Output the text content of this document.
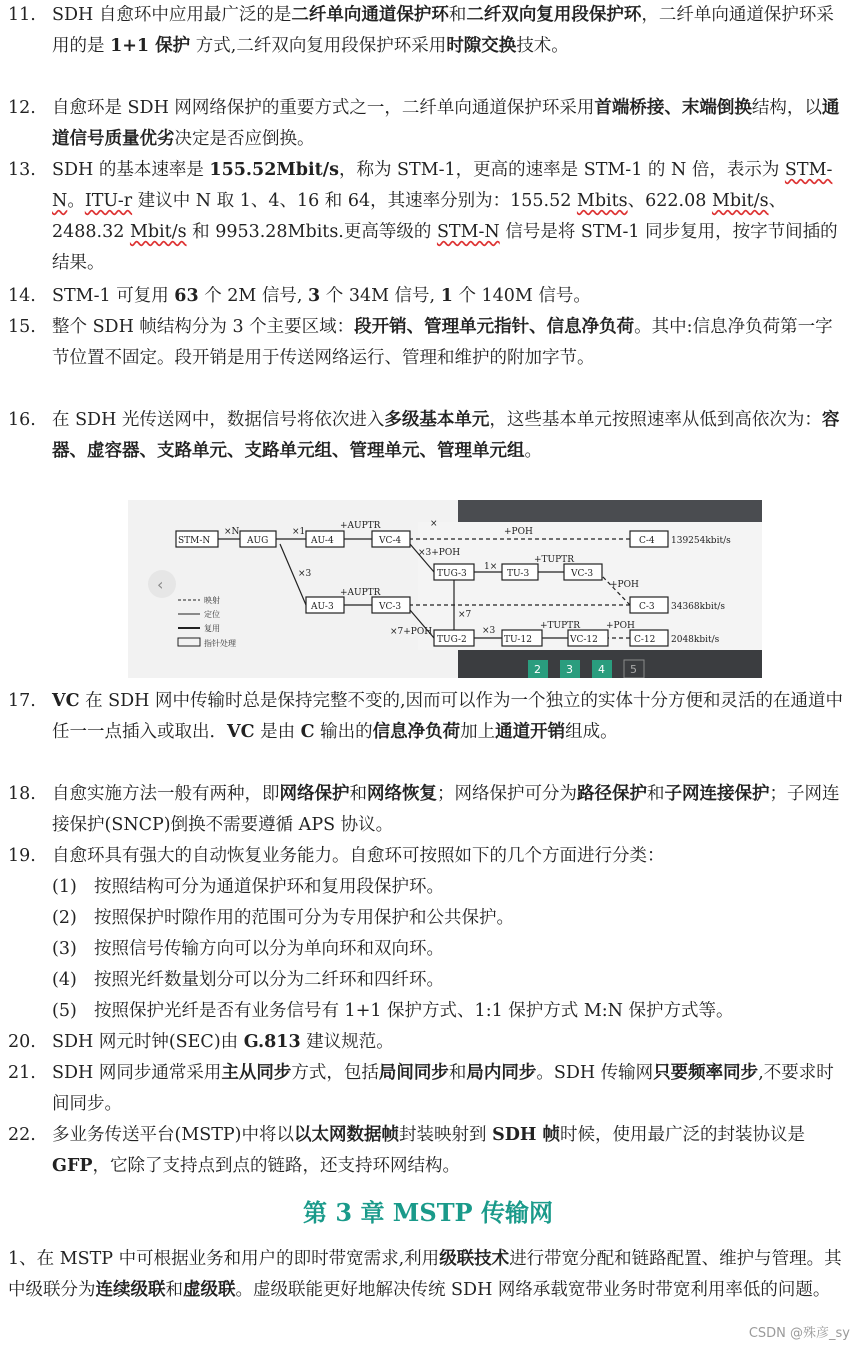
11. SDH 自愈环中应用最广泛的是二纤单向通道保护环和二纤双向复用段保护环，二纤单向通道保护环采用的是 1+1 保护 方式,二纤双向复用段保护环采用时隙交换技术。
12. 自愈环是 SDH 网网络保护的重要方式之一，二纤单向通道保护环采用首端桥接、末端倒换结构，以通道信号质量优劣决定是否应倒换。
13. SDH 的基本速率是 155.52Mbit/s，称为 STM-1，更高的速率是 STM-1 的 N 倍，表示为 STM-N。ITU-r 建议中 N 取 1、4、16 和 64，其速率分别为：155.52 Mbits、622.08 Mbit/s、2488.32 Mbit/s 和 9953.28Mbits.更高等级的 STM-N 信号是将 STM-1 同步复用，按字节间插的结果。
14. STM-1 可复用 63 个 2M 信号, 3 个 34M 信号, 1 个 140M 信号。
15. 整个 SDH 帧结构分为 3 个主要区域：段开销、管理单元指针、信息净负荷。其中:信息净负荷第一字节位置不固定。段开销是用于传送网络运行、管理和维护的附加字节。
16. 在 SDH 光传送网中，数据信号将依次进入多级基本单元，这些基本单元按照速率从低到高依次为：容器、虚容器、支路单元、支路单元组、管理单元、管理单元组。
17. VC 在 SDH 网中传输时总是保持完整不变的,因而可以作为一个独立的实体十分方便和灵活的在通道中任一一点插入或取出．VC 是由 C 输出的信息净负荷加上通道开销组成。
18. 自愈实施方法一般有两种，即网络保护和网络恢复；网络保护可分为路径保护和子网连接保护；子网连接保护(SNCP)倒换不需要遵循 APS 协议。
19. 自愈环具有强大的自动恢复业务能力。自愈环可按照如下的几个方面进行分类：
20. SDH 网元时钟(SEC)由 G.813 建议规范。
21. SDH 网同步通常采用主从同步方式，包括局间同步和局内同步。SDH 传输网只要频率同步,不要求时间同步。
22. 多业务传送平台(MSTP)中将以以太网数据帧封装映射到 SDH 帧时候，使用最广泛的封装协议是 GFP，它除了支持点到点的链路，还支持环网结构。
×
‹
STM-N	AUG	AU-4	VC-4	C-4 139254kbit/s
TUG-3	TU-3	VC-3
AU-3	VC-3	C-3 34368kbit/s
TUG-2	TU-12	VC-12	C-12 2048kbit/s
×N	×1
+AUPTR
+POH
×3+POH
1×
+TUPTR
+POH
×3
+AUPTR
×7
×7+POH	×3	+TUPTR	+POH
映射
定位
复用
指针处理
2 3 4 5
(1) 按照结构可分为通道保护环和复用段保护环。
(2) 按照保护时隙作用的范围可分为专用保护和公共保护。
(3) 按照信号传输方向可以分为单向环和双向环。
(4) 按照光纤数量划分可以分为二纤环和四纤环。
(5) 按照保护光纤是否有业务信号有 1+1 保护方式、1:1 保护方式 M:N 保护方式等。
第 3 章 MSTP 传输网
1、在 MSTP 中可根据业务和用户的即时带宽需求,利用级联技术进行带宽分配和链路配置、维护与管理。其中级联分为连续级联和虚级联。虚级联能更好地解决传统 SDH 网络承载宽带业务时带宽利用率低的问题。
CSDN @殊彦_sy
